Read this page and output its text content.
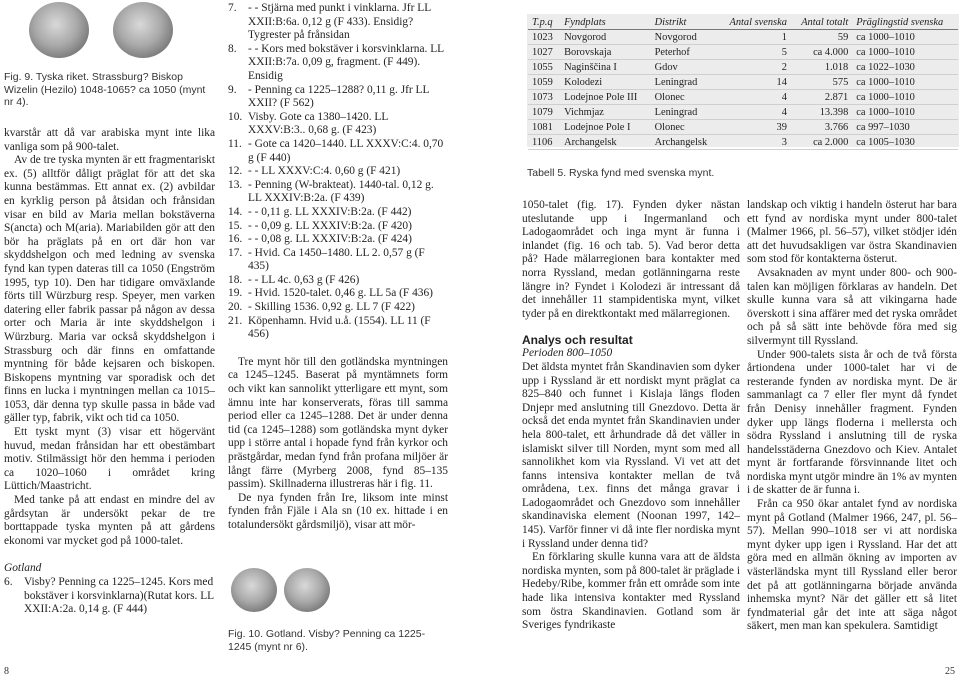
Fig. 9. Tyska riket. Strassburg? Biskop Wizelin (Hezilo) 1048-1065? ca 1050 (mynt nr 4).

kvarstår att då var arabiska mynt inte lika vanliga som på 900-talet.

Av de tre tyska mynten är ett fragmentariskt ex. (5) alltför dåligt präglat för att det ska kunna bestämmas. Ett annat ex. (2) avbildar en kyrklig person på åtsidan och frånsidan visar en bild av Maria mellan bokstäverna S(ancta) och M(aria). Mariabilden gör att den bör ha präglats på en ort där hon var skyddshelgon och med ledning av svenska fynd kan typen dateras till ca 1050 (Engström 1995, typ 10). Den har tidigare omväxlande förts till Würzburg resp. Speyer, men varken datering eller fabrik passar på någon av dessa orter och Maria är inte skyddshelgon i Würzburg. Maria var också skyddshelgon i Strassburg och där finns en omfattande myntning för både kejsaren och biskopen. Biskopens myntning var sporadisk och det finns en lucka i myntningen mellan ca 1015–1053, där denna typ skulle passa in både vad gäller typ, fabrik, vikt och tid ca 1050.

Ett tyskt mynt (3) visar ett högervänt huvud, medan frånsidan har ett obestämbart motiv. Stilmässigt hör den hemma i perioden ca 1020–1060 i området kring Lüttich/Maastricht.

Med tanke på att endast en mindre del av gårdsytan är undersökt pekar de tre borttappade tyska mynten på att gårdens ekonomi var mycket god på 1000-talet.

Gotland

6.	Visby? Penning ca 1225–1245. Kors med bokstäver i korsvinklarna)(Rutat kors. LL XXII:A:2a. 0,14 g. (F 444)
8
7.	- - Stjärna med punkt i vinklarna. Jfr LL XXII:B:6a. 0,12 g (F 433). Ensidig? Tygrester på frånsidan
8.	- - Kors med bokstäver i korsvinklarna. LL XXII:B:7a. 0,09 g, fragment. (F 449). Ensidig
9.	- Penning ca 1225–1288? 0,11 g. Jfr LL XXII? (F 562)
10. Visby. Gote ca 1380–1420. LL XXXV:B:3.. 0,68 g. (F 423)
11. - Gote ca 1420–1440. LL XXXV:C:4. 0,70 g (F 440)
12. - - LL XXXV:C:4. 0,60 g (F 421)
13. - Penning (W-brakteat). 1440-tal. 0,12 g. LL XXXIV:B:2a. (F 439)
14. - - 0,11 g. LL XXXIV:B:2a. (F 442)
15. - - 0,09 g. LL XXXIV:B:2a. (F 420)
16. - - 0,08 g. LL XXXIV:B:2a. (F 424)
17. - Hvid. Ca 1450–1480. LL 2. 0,57 g (F 435)
18. - - LL 4c. 0,63 g (F 426)
19. - Hvid. 1520-talet. 0,46 g. LL 5a (F 436)
20. - Skilling 1536. 0,92 g. LL 7 (F 422)
21. Köpenhamn. Hvid u.å. (1554). LL 11 (F 456)

Tre mynt hör till den gotländska myntningen ca 1245–1245. Baserat på myntämnets form och vikt kan sannolikt ytterligare ett mynt, som ämnu inte har konserverats, föras till samma period eller ca 1245–1288. Det är under denna tid (ca 1245–1288) som gotländska mynt dyker upp i större antal i hopade fynd från kyrkor och prästgårdar, medan fynd från profana miljöer är långt färre (Myrberg 2008, fynd 85–135 passim). Skillnaderna illustreras här i fig. 11.

De nya fynden från Ire, liksom inte minst fynden från Fjäle i Ala sn (10 ex. hittade i en totalundersökt gårdsmiljö), visar att mör-

Fig. 10. Gotland. Visby? Penning ca 1225-1245 (mynt nr 6).
25
T.p.q	Fyndplats	Distrikt	Antal svenska	Antal totalt	Präglingstid svenska
1023	Novgorod	Novgorod	1	59	ca 1000–1010
1027	Borovskaja	Peterhof	5	ca 4.000	ca 1000–1010
1055	Naginščina I	Gdov	2	1.018	ca 1022–1030
1059	Kolodezi	Leningrad	14	575	ca 1000–1010
1073	Lodejnoe Pole III	Olonec	4	2.871	ca 1000–1010
1079	Vichmjaz	Leningrad	4	13.398	ca 1000–1010
1081	Lodejnoe Pole I	Olonec	39	3.766	ca 997–1030
1106	Archangelsk	Archangelsk	3	ca 2.000	ca 1005–1030
Tabell 5. Ryska fynd med svenska mynt.

1050-talet (fig. 17). Fynden dyker nästan uteslutande upp i Ingermanland och Ladogaområdet och inga mynt är funna i inlandet (fig. 16 och tab. 5). Vad beror detta på? Hade mälarregionen bara kontakter med norra Ryssland, medan gotlänningarna reste längre in? Fyndet i Kolodezi är intressant då det innehåller 11 stampidentiska mynt, vilket tyder på en direktkontakt med mälarregionen.

Analys och resultat

Perioden 800–1050

Det äldsta myntet från Skandinavien som dyker upp i Ryssland är ett nordiskt mynt präglat ca 825–840 och funnet i Kislaja längs floden Dnjepr med anslutning till Gnezdovo. Detta är också det enda myntet från Skandinavien under hela 800-talet, ett århundrade då det väller in islamiskt silver till Norden, mynt som med all sannolikhet kom via Ryssland. Vi vet att det fanns intensiva kontakter mellan de två områdena, t.ex. finns det många gravar i Ladogaområdet och Gnezdovo som innehåller skandinaviska element (Noonan 1997, 142–145). Varför finner vi då inte fler nordiska mynt i Ryssland under denna tid?

En förklaring skulle kunna vara att de äldsta nordiska mynten, som på 800-talet är präglade i Hedeby/Ribe, kommer från ett område som inte hade lika intensiva kontakter med Ryssland som östra Skandinavien. Gotland som är Sveriges fyndrikaste

landskap och viktig i handeln österut har bara ett fynd av nordiska mynt under 800-talet (Malmer 1966, pl. 56–57), vilket stödjer idén att det huvudsakligen var östra Skandinavien som stod för kontakterna österut.

Avsaknaden av mynt under 800- och 900-talen kan möjligen förklaras av handeln. Det skulle kunna vara så att vikingarna hade överskott i sina affärer med det ryska området och på så sätt inte behövde föra med sig silvermynt till Ryssland.

Under 900-talets sista år och de två första årtiondena under 1000-talet har vi de resterande fynden av nordiska mynt. De är sammanlagt ca 7 eller fler mynt då fyndet från Denisy innehåller fragment. Fynden dyker upp längs floderna i mellersta och södra Ryssland i anslutning till de ryska handelsstäderna Gnezdovo och Kiev. Antalet mynt är fortfarande försvinnande litet och nordiska mynt utgör mindre än 1% av mynten i de skatter de är funna i.

Från ca 950 ökar antalet fynd av nordiska mynt på Gotland (Malmer 1966, 247, pl. 56–57). Mellan 990–1018 ser vi att nordiska mynt dyker upp igen i Ryssland. Har det att göra med en allmän ökning av importen av västerländska mynt till Ryssland eller beror det på att gotlänningarna började använda inhemska mynt? När det gäller ett så litet fyndmaterial går det inte att säga något säkert, men man kan spekulera. Samtidigt
